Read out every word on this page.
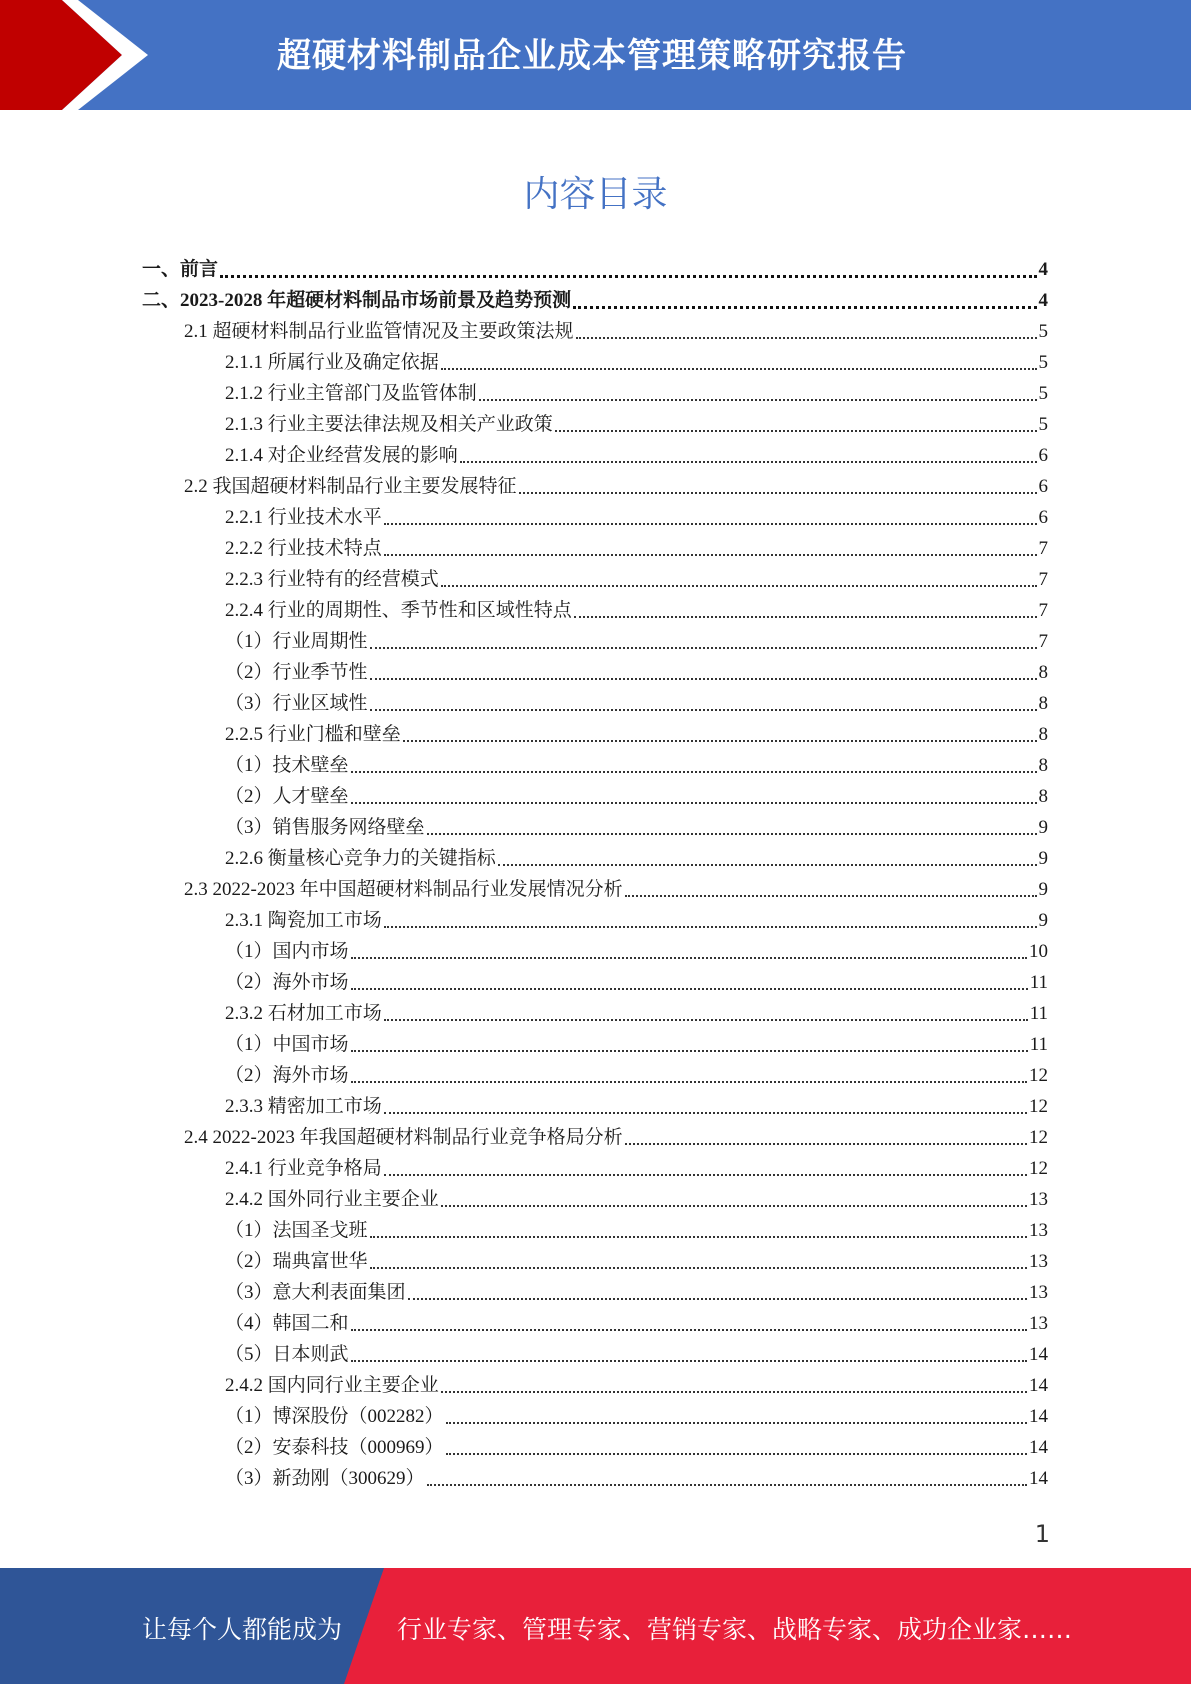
超硬材料制品企业成本管理策略研究报告
内容目录
一、前言	4
二、2023-2028 年超硬材料制品市场前景及趋势预测	4
2.1 超硬材料制品行业监管情况及主要政策法规	5
2.1.1 所属行业及确定依据	5
2.1.2 行业主管部门及监管体制	5
2.1.3 行业主要法律法规及相关产业政策	5
2.1.4 对企业经营发展的影响	6
2.2 我国超硬材料制品行业主要发展特征	6
2.2.1 行业技术水平	6
2.2.2 行业技术特点	7
2.2.3 行业特有的经营模式	7
2.2.4 行业的周期性、季节性和区域性特点	7
（1）行业周期性	7
（2）行业季节性	8
（3）行业区域性	8
2.2.5 行业门槛和壁垒	8
（1）技术壁垒	8
（2）人才壁垒	8
（3）销售服务网络壁垒	9
2.2.6 衡量核心竞争力的关键指标	9
2.3 2022-2023 年中国超硬材料制品行业发展情况分析	9
2.3.1 陶瓷加工市场	9
（1）国内市场	10
（2）海外市场	11
2.3.2 石材加工市场	11
（1）中国市场	11
（2）海外市场	12
2.3.3 精密加工市场	12
2.4 2022-2023 年我国超硬材料制品行业竞争格局分析	12
2.4.1 行业竞争格局	12
2.4.2 国外同行业主要企业	13
（1）法国圣戈班	13
（2）瑞典富世华	13
（3）意大利表面集团	13
（4）韩国二和	13
（5）日本则武	14
2.4.2 国内同行业主要企业	14
（1）博深股份（002282）	14
（2）安泰科技（000969）	14
（3）新劲刚（300629）	14
1
让每个人都能成为 行业专家、管理专家、营销专家、战略专家、成功企业家……
